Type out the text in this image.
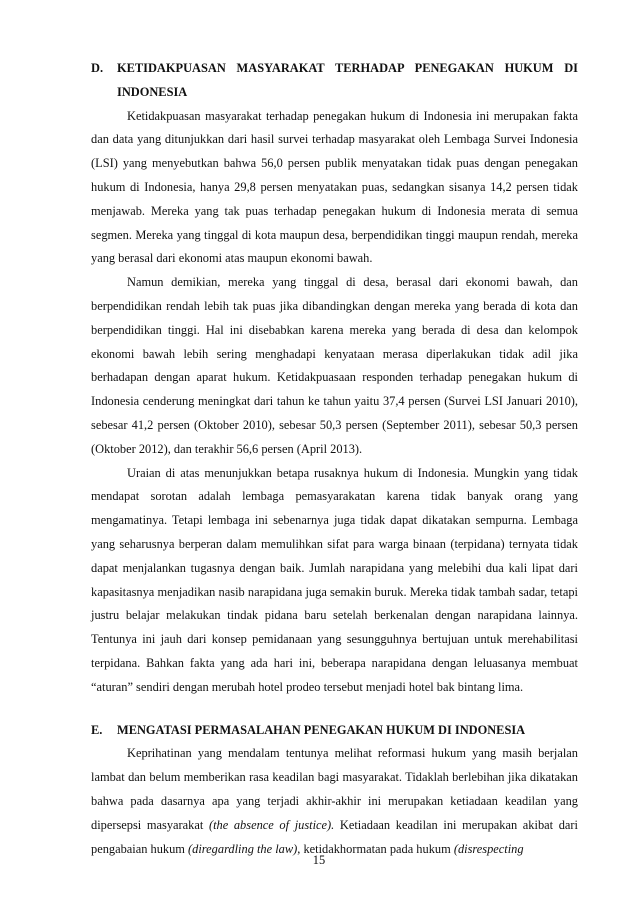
D.	KETIDAKPUASAN MASYARAKAT TERHADAP PENEGAKAN HUKUM DI INDONESIA

Ketidakpuasan masyarakat terhadap penegakan hukum di Indonesia ini merupakan fakta dan data yang ditunjukkan dari hasil survei terhadap masyarakat oleh Lembaga Survei Indonesia (LSI) yang menyebutkan bahwa 56,0 persen publik menyatakan tidak puas dengan penegakan hukum di Indonesia, hanya 29,8 persen menyatakan puas, sedangkan sisanya 14,2 persen tidak menjawab. Mereka yang tak puas terhadap penegakan hukum di Indonesia merata di semua segmen. Mereka yang tinggal di kota maupun desa, berpendidikan tinggi maupun rendah, mereka yang berasal dari ekonomi atas maupun ekonomi bawah.

Namun demikian, mereka yang tinggal di desa, berasal dari ekonomi bawah, dan berpendidikan rendah lebih tak puas jika dibandingkan dengan mereka yang berada di kota dan berpendidikan tinggi. Hal ini disebabkan karena mereka yang berada di desa dan kelompok ekonomi bawah lebih sering menghadapi kenyataan merasa diperlakukan tidak adil jika berhadapan dengan aparat hukum. Ketidakpuasaan responden terhadap penegakan hukum di Indonesia cenderung meningkat dari tahun ke tahun yaitu 37,4 persen (Survei LSI Januari 2010), sebesar 41,2 persen (Oktober 2010), sebesar 50,3 persen (September 2011), sebesar 50,3 persen (Oktober 2012), dan terakhir 56,6 persen (April 2013).

Uraian di atas menunjukkan betapa rusaknya hukum di Indonesia. Mungkin yang tidak mendapat sorotan adalah lembaga pemasyarakatan karena tidak banyak orang yang mengamatinya. Tetapi lembaga ini sebenarnya juga tidak dapat dikatakan sempurna. Lembaga yang seharusnya berperan dalam memulihkan sifat para warga binaan (terpidana) ternyata tidak dapat menjalankan tugasnya dengan baik. Jumlah narapidana yang melebihi dua kali lipat dari kapasitasnya menjadikan nasib narapidana juga semakin buruk. Mereka tidak tambah sadar, tetapi justru belajar melakukan tindak pidana baru setelah berkenalan dengan narapidana lainnya. Tentunya ini jauh dari konsep pemidanaan yang sesungguhnya bertujuan untuk merehabilitasi terpidana. Bahkan fakta yang ada hari ini, beberapa narapidana dengan leluasanya membuat “aturan” sendiri dengan merubah hotel prodeo tersebut menjadi hotel bak bintang lima.

E.	MENGATASI PERMASALAHAN PENEGAKAN HUKUM DI INDONESIA

Keprihatinan yang mendalam tentunya melihat reformasi hukum yang masih berjalan lambat dan belum memberikan rasa keadilan bagi masyarakat. Tidaklah berlebihan jika dikatakan bahwa pada dasarnya apa yang terjadi akhir-akhir ini merupakan ketiadaan keadilan yang dipersepsi masyarakat (the absence of justice). Ketiadaan keadilan ini merupakan akibat dari pengabaian hukum (diregardling the law), ketidakhormatan pada hukum (disrespecting

15
